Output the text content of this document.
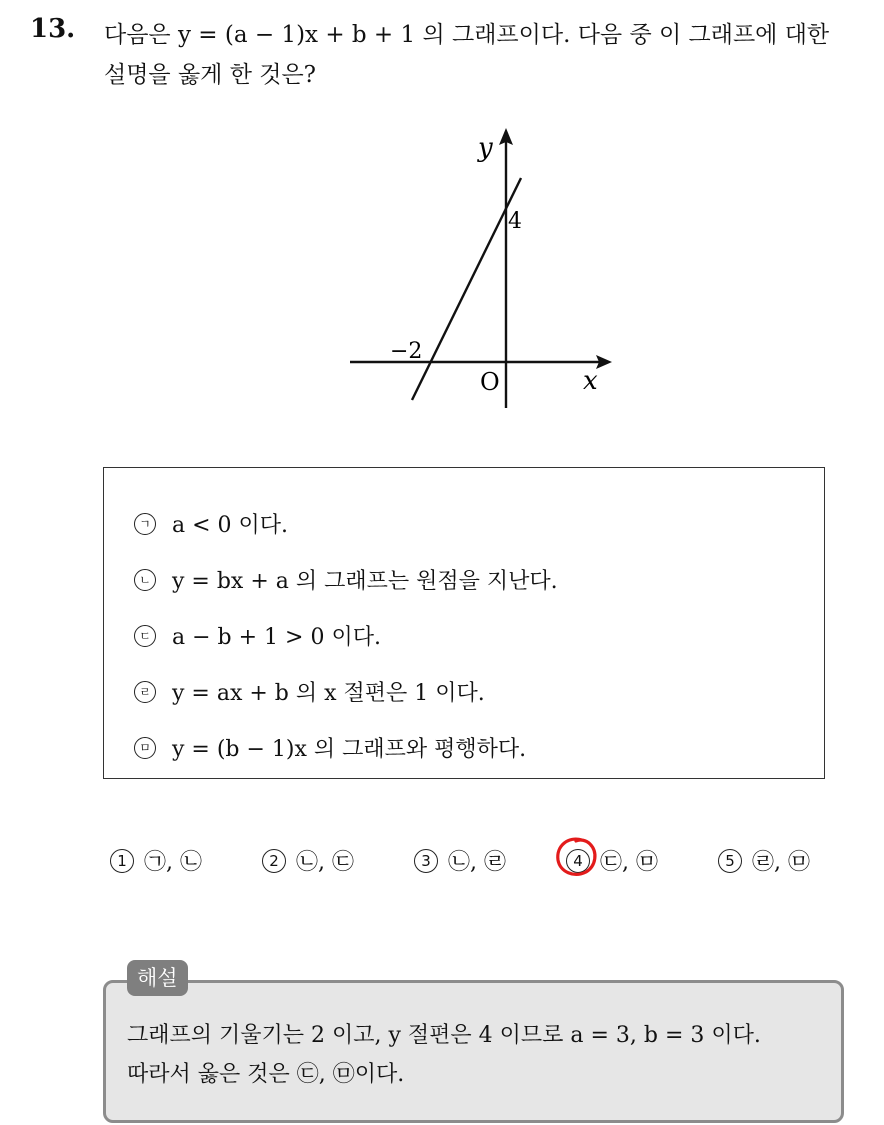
13. 다음은 y = (a − 1)x + b + 1 의 그래프이다. 다음 중 이 그래프에 대한
설명을 옳게 한 것은?
y
x
O
4
−2
ㄱ a < 0 이다.
ㄴ y = bx + a 의 그래프는 원점을 지난다.
ㄷ a − b + 1 > 0 이다.
ㄹ y = ax + b 의 x 절편은 1 이다.
ㅁ y = (b − 1)x 의 그래프와 평행하다.
1 ㉠, ㉡	2 ㉡, ㉢	3 ㉡, ㉣	4 ㉢, ㉤	5 ㉣, ㉤
해설
그래프의 기울기는 2 이고, y 절편은 4 이므로 a = 3, b = 3 이다.
따라서 옳은 것은 ㉢, ㉤이다.
